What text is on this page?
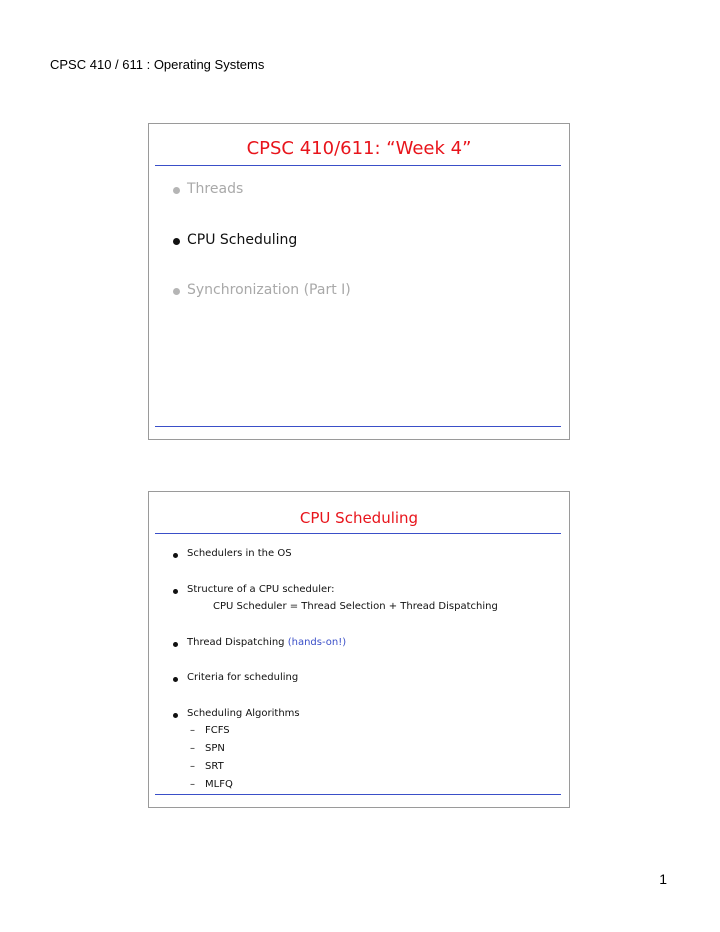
CPSC 410 / 611 : Operating Systems
CPSC 410/611: “Week 4”
Threads
CPU Scheduling
Synchronization (Part I)
CPU Scheduling
Schedulers in the OS
Structure of a CPU scheduler:
CPU Scheduler = Thread Selection + Thread Dispatching
Thread Dispatching (hands-on!)
Criteria for scheduling
Scheduling Algorithms
– FCFS
– SPN
– SRT
– MLFQ
1
